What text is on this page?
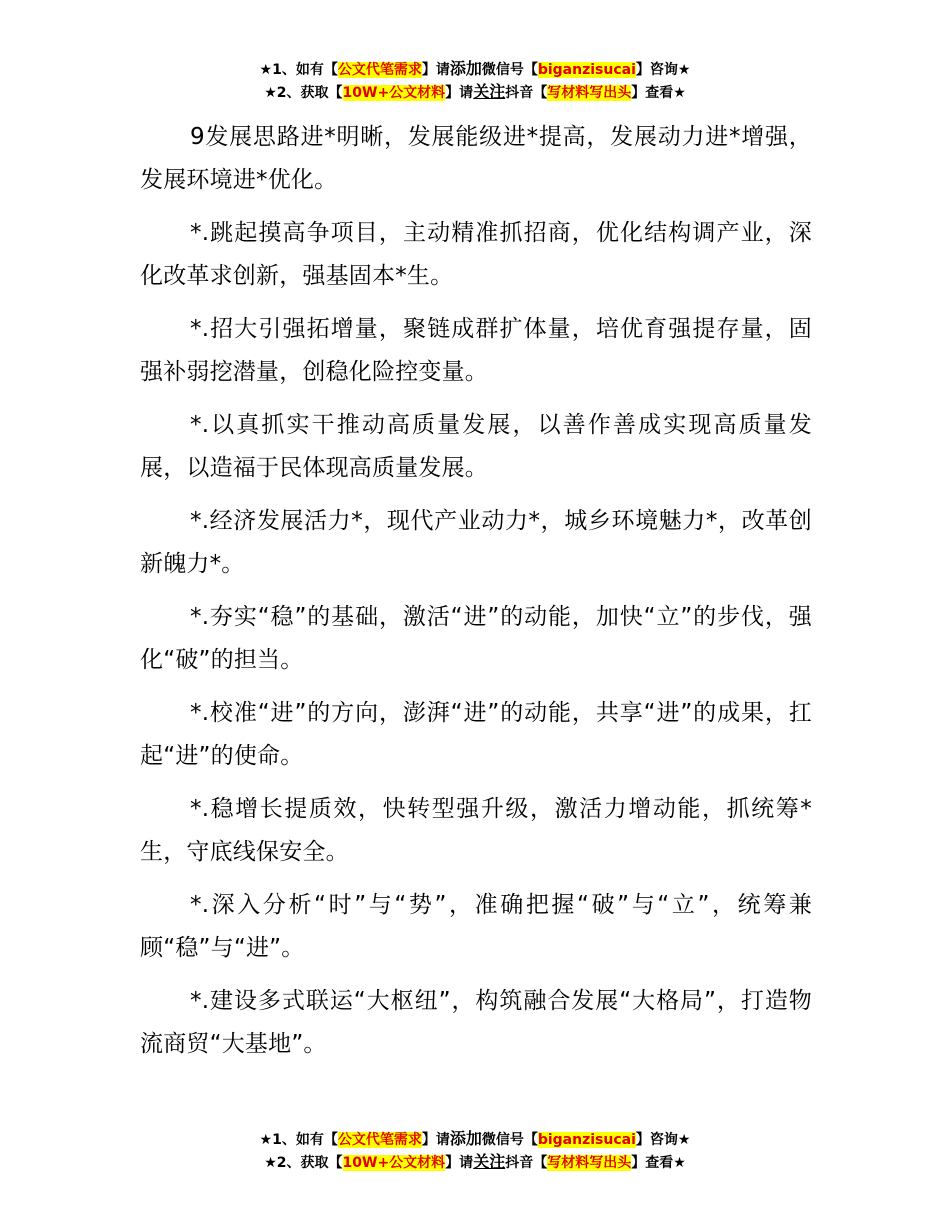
★1、如有【公文代笔需求】请添加微信号【biganzisucai】咨询★
★2、获取【10W+公文材料】请关注抖音【写材料写出头】查看★

9发展思路进*明晰，发展能级进*提高，发展动力进*增强，发展环境进*优化。

*.跳起摸高争项目，主动精准抓招商，优化结构调产业，深化改革求创新，强基固本*生。

*.招大引强拓增量，聚链成群扩体量，培优育强提存量，固强补弱挖潜量，创稳化险控变量。

*.以真抓实干推动高质量发展，以善作善成实现高质量发展，以造福于民体现高质量发展。

*.经济发展活力*，现代产业动力*，城乡环境魅力*，改革创新魄力*。

*.夯实“稳”的基础，激活“进”的动能，加快“立”的步伐，强化“破”的担当。

*.校准“进”的方向，澎湃“进”的动能，共享“进”的成果，扛起“进”的使命。

*.稳增长提质效，快转型强升级，激活力增动能，抓统筹*生，守底线保安全。

*.深入分析“时”与“势”，准确把握“破”与“立”，统筹兼顾“稳”与“进”。

*.建设多式联运“大枢纽”，构筑融合发展“大格局”，打造物流商贸“大基地”。

★1、如有【公文代笔需求】请添加微信号【biganzisucai】咨询★
★2、获取【10W+公文材料】请关注抖音【写材料写出头】查看★
